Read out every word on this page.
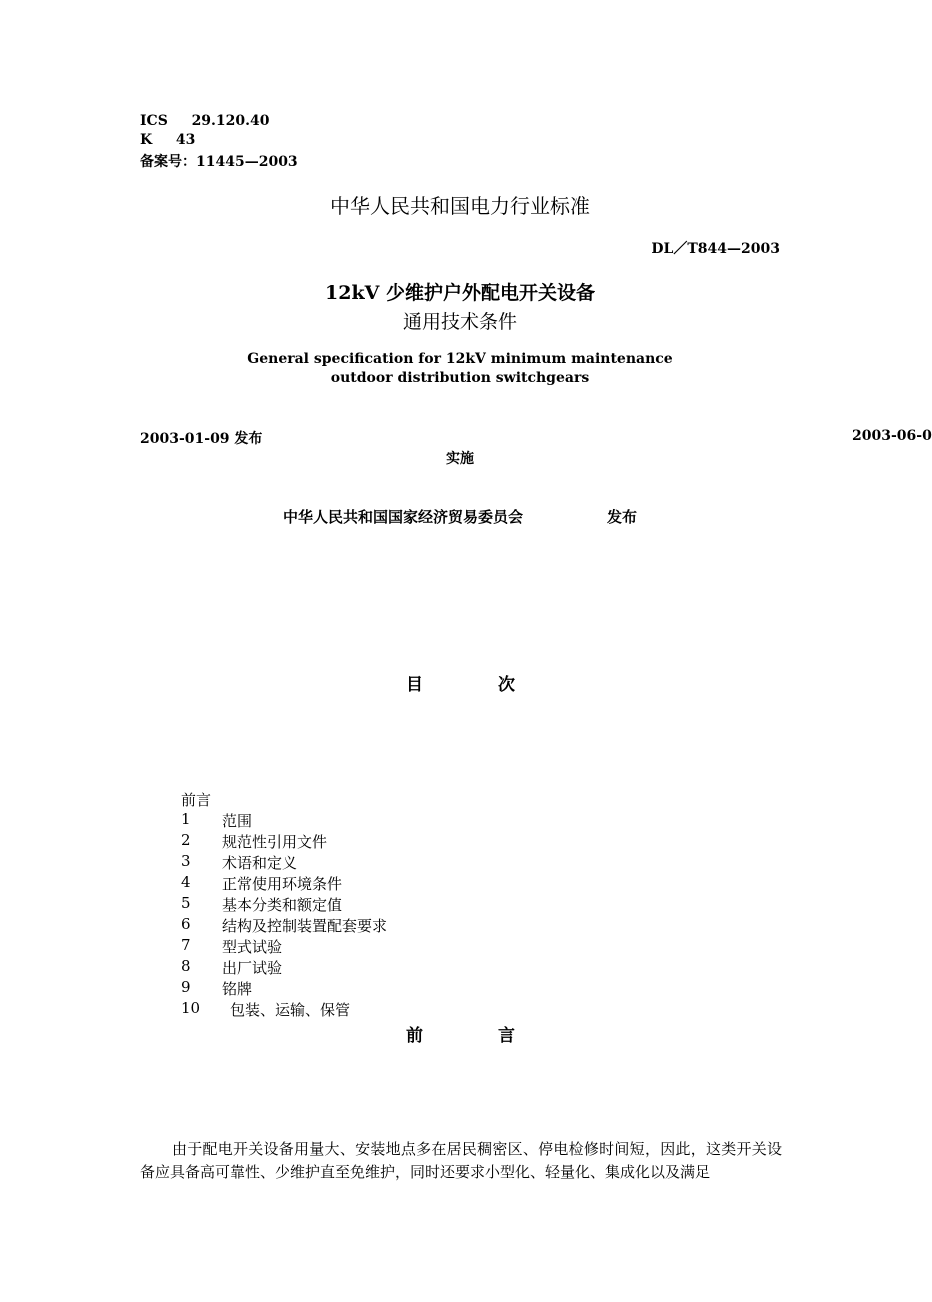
ICS 29.120.40
K 43
备案号：11445—2003
中华人民共和国电力行业标准
DL／T844—2003
12kV 少维护户外配电开关设备
通用技术条件
General specification for 12kV minimum maintenance
outdoor distribution switchgears
2003-01-09 发布	2003-06-0
实施
中华人民共和国国家经济贸易委员会	发布
目	次
前言
1 范围
2 规范性引用文件
3 术语和定义
4 正常使用环境条件
5 基本分类和额定值
6 结构及控制装置配套要求
7 型式试验
8 出厂试验
9 铭牌
10 包装、运输、保管
前	言
由于配电开关设备用量大、安装地点多在居民稠密区、停电检修时间短，因此，这类开关设备应具备高可靠性、少维护直至免维护，同时还要求小型化、轻量化、集成化以及满足
